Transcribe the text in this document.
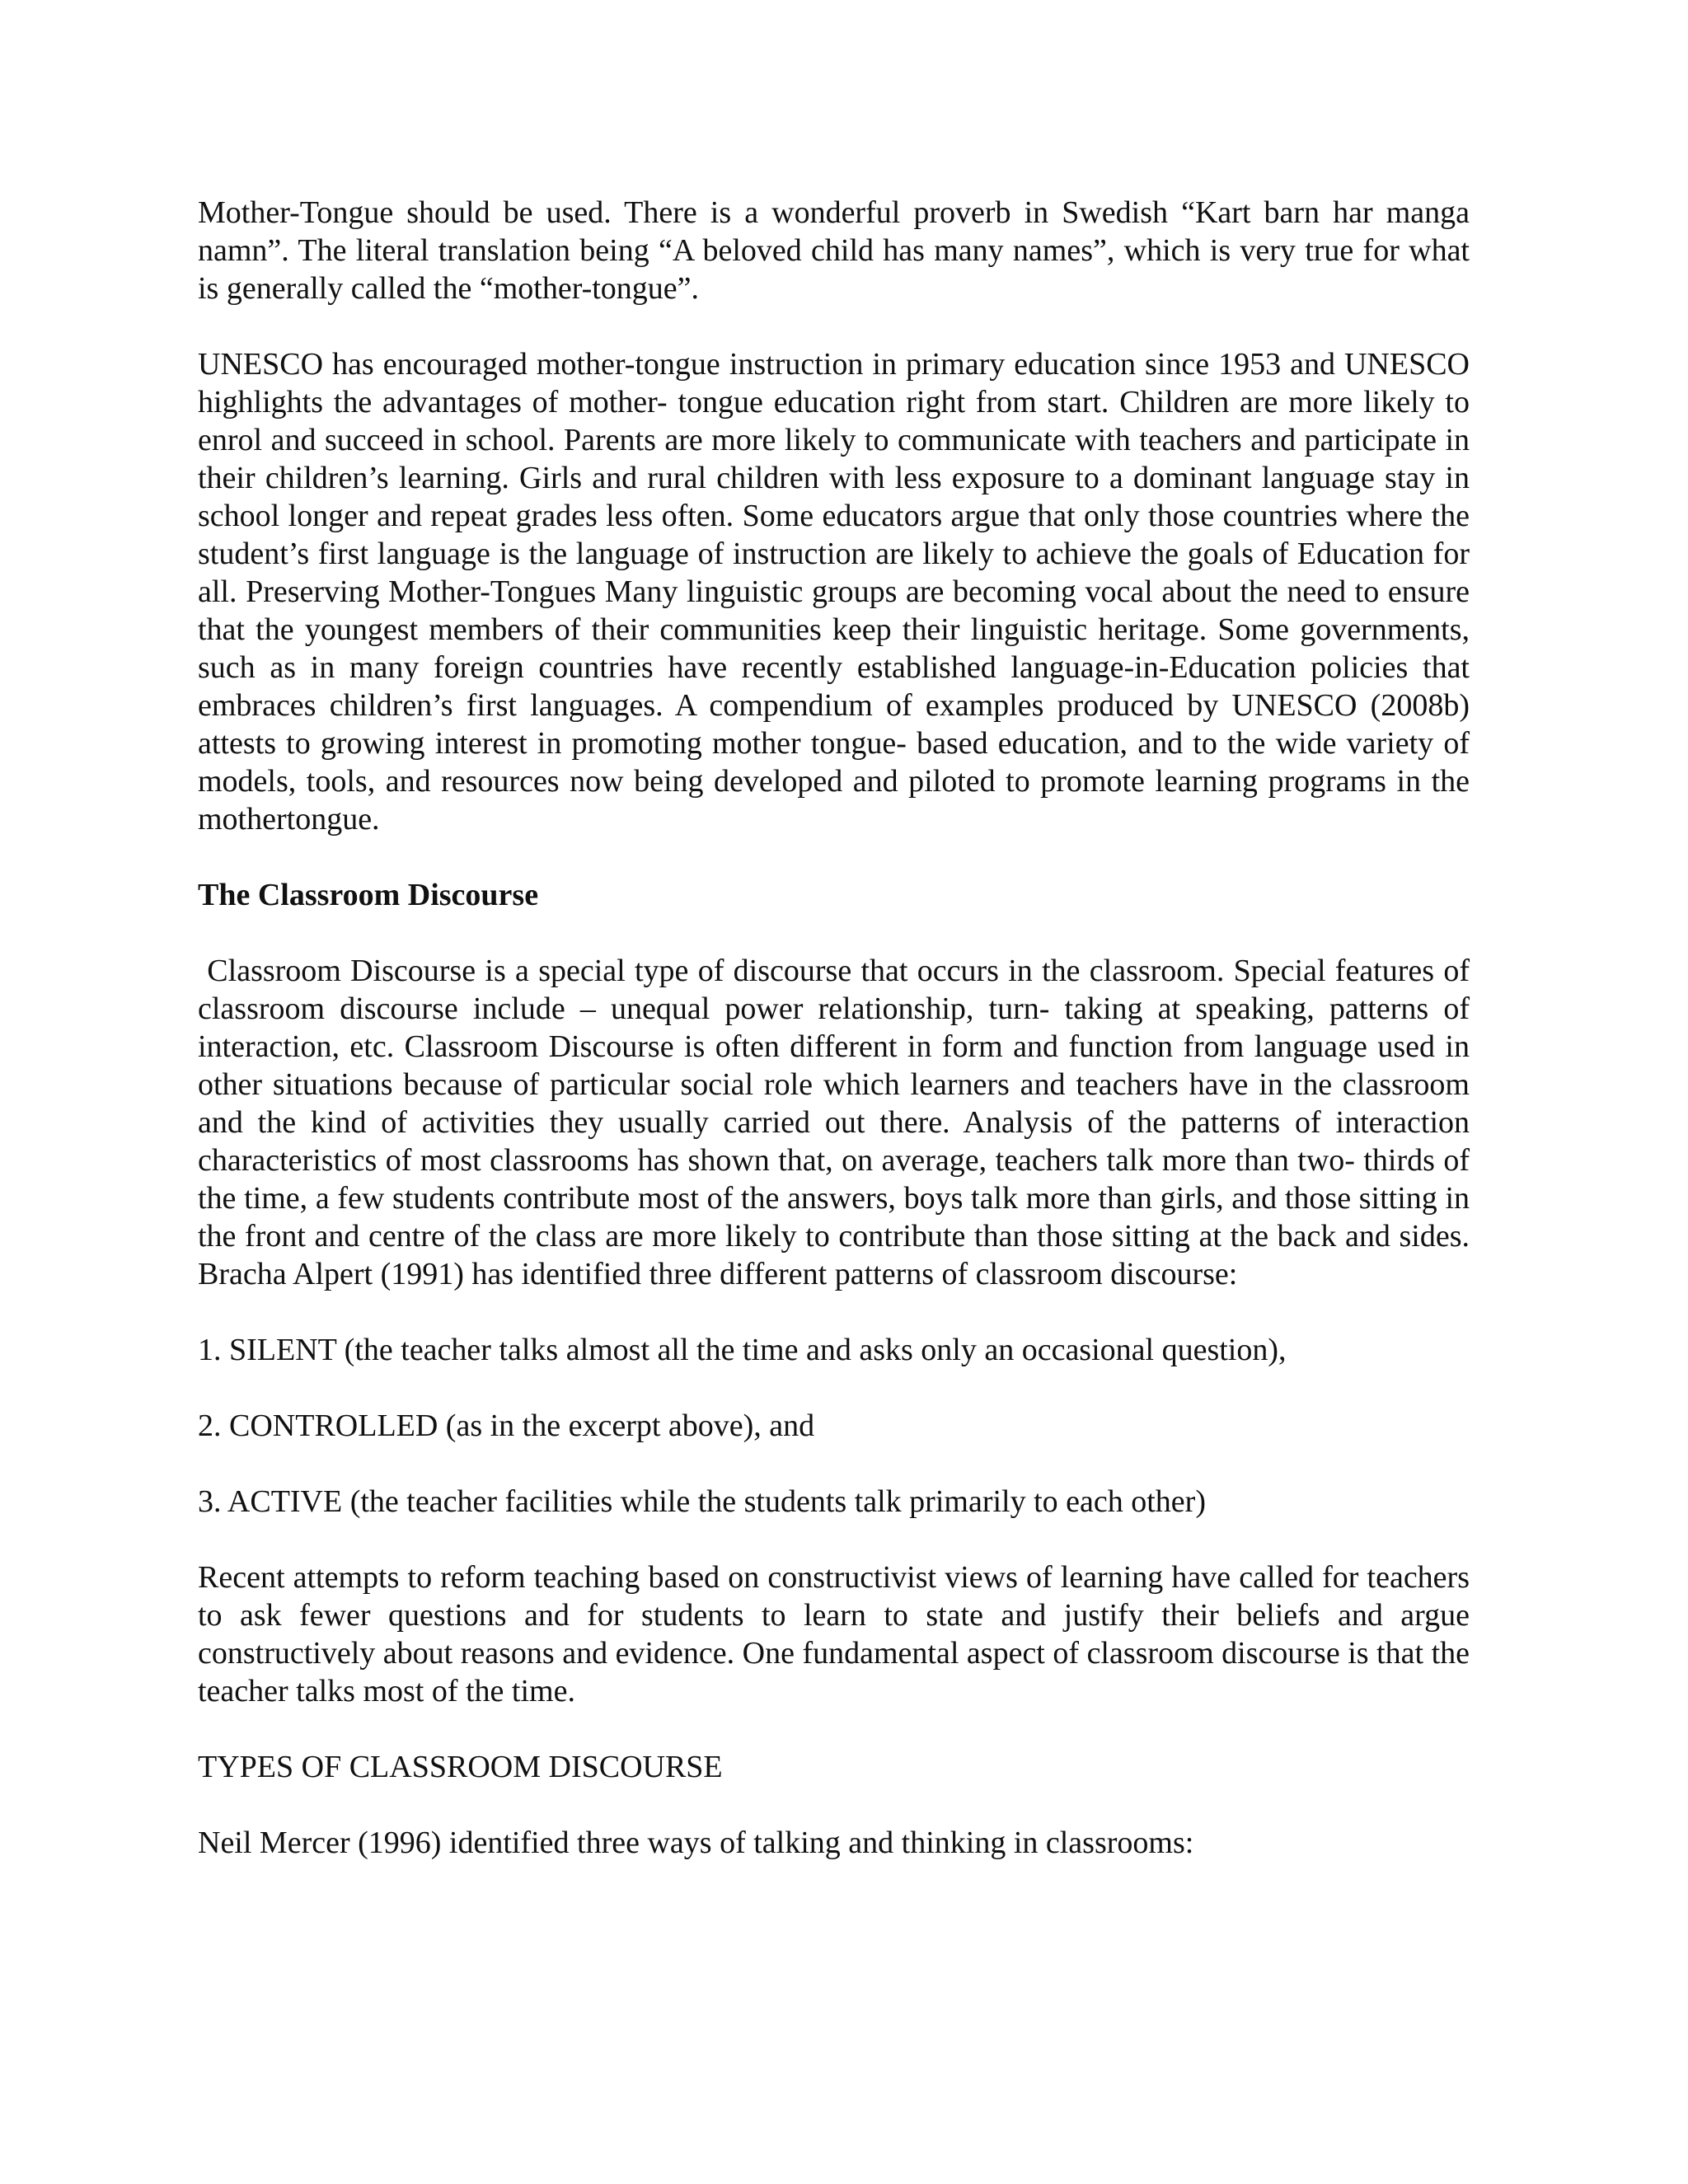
Mother-Tongue should be used. There is a wonderful proverb in Swedish “Kart barn har manga namn”. The literal translation being “A beloved child has many names”, which is very true for what is generally called the “mother-tongue”.

UNESCO has encouraged mother-tongue instruction in primary education since 1953 and UNESCO highlights the advantages of mother- tongue education right from start. Children are more likely to enrol and succeed in school. Parents are more likely to communicate with teachers and participate in their children’s learning. Girls and rural children with less exposure to a dominant language stay in school longer and repeat grades less often. Some educators argue that only those countries where the student’s first language is the language of instruction are likely to achieve the goals of Education for all. Preserving Mother-Tongues Many linguistic groups are becoming vocal about the need to ensure that the youngest members of their communities keep their linguistic heritage. Some governments, such as in many foreign countries have recently established language-in-Education policies that embraces children’s first languages. A compendium of examples produced by UNESCO (2008b) attests to growing interest in promoting mother tongue- based education, and to the wide variety of models, tools, and resources now being developed and piloted to promote learning programs in the mothertongue.

The Classroom Discourse

Classroom Discourse is a special type of discourse that occurs in the classroom. Special features of classroom discourse include – unequal power relationship, turn- taking at speaking, patterns of interaction, etc. Classroom Discourse is often different in form and function from language used in other situations because of particular social role which learners and teachers have in the classroom and the kind of activities they usually carried out there. Analysis of the patterns of interaction characteristics of most classrooms has shown that, on average, teachers talk more than two- thirds of the time, a few students contribute most of the answers, boys talk more than girls, and those sitting in the front and centre of the class are more likely to contribute than those sitting at the back and sides. Bracha Alpert (1991) has identified three different patterns of classroom discourse:

1. SILENT (the teacher talks almost all the time and asks only an occasional question),

2. CONTROLLED (as in the excerpt above), and

3. ACTIVE (the teacher facilities while the students talk primarily to each other)

Recent attempts to reform teaching based on constructivist views of learning have called for teachers to ask fewer questions and for students to learn to state and justify their beliefs and argue constructively about reasons and evidence. One fundamental aspect of classroom discourse is that the teacher talks most of the time.

TYPES OF CLASSROOM DISCOURSE

Neil Mercer (1996) identified three ways of talking and thinking in classrooms:
